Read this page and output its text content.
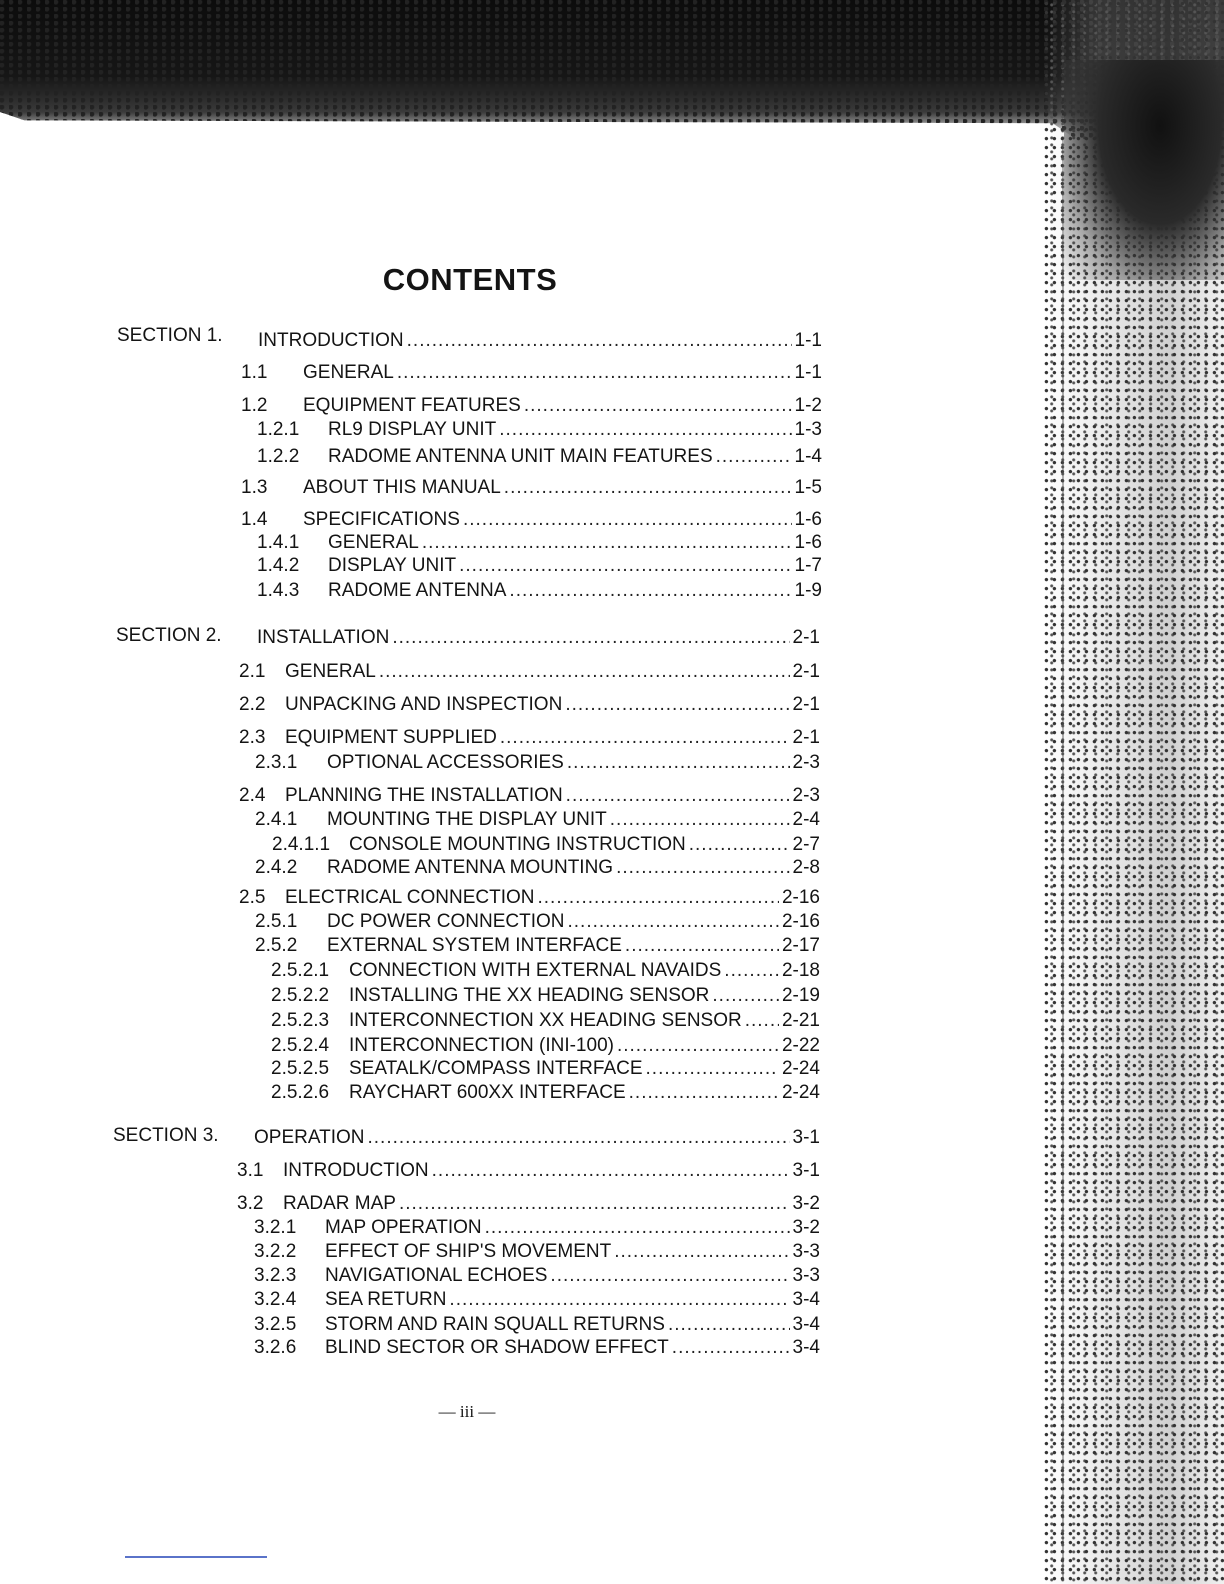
CONTENTS
SECTION 1. INTRODUCTION .....	1-1
1.1	GENERAL .....	1-1
1.2	EQUIPMENT FEATURES .....	1-2
1.2.1	RL9 DISPLAY UNIT .....	1-3
1.2.2	RADOME ANTENNA UNIT MAIN FEATURES .....	1-4
1.3	ABOUT THIS MANUAL .....	1-5
1.4	SPECIFICATIONS .....	1-6
1.4.1	GENERAL .....	1-6
1.4.2	DISPLAY UNIT .....	1-7
1.4.3	RADOME ANTENNA .....	1-9
SECTION 2. INSTALLATION .....	2-1
2.1	GENERAL .....	2-1
2.2	UNPACKING AND INSPECTION .....	2-1
2.3	EQUIPMENT SUPPLIED .....	2-1
2.3.1	OPTIONAL ACCESSORIES .....	2-3
2.4	PLANNING THE INSTALLATION .....	2-3
2.4.1	MOUNTING THE DISPLAY UNIT .....	2-4
2.4.1.1 CONSOLE MOUNTING INSTRUCTION .....	2-7
2.4.2	RADOME ANTENNA MOUNTING .....	2-8
2.5	ELECTRICAL CONNECTION .....	2-16
2.5.1	DC POWER CONNECTION .....	2-16
2.5.2	EXTERNAL SYSTEM INTERFACE .....	2-17
2.5.2.1	CONNECTION WITH EXTERNAL NAVAIDS .....	2-18
2.5.2.2	INSTALLING THE XX HEADING SENSOR .....	2-19
2.5.2.3	INTERCONNECTION XX HEADING SENSOR ..... 2-21
2.5.2.4	INTERCONNECTION (INI-100) .....	2-22
2.5.2.5	SEATALK/COMPASS INTERFACE .....	2-24
2.5.2.6	RAYCHART 600XX INTERFACE .....	2-24
SECTION 3. OPERATION .....	3-1
3.1	INTRODUCTION .....	3-1
3.2	RADAR MAP .....	3-2
3.2.1	MAP OPERATION .....	3-2
3.2.2	EFFECT OF SHIP'S MOVEMENT .....	3-3
3.2.3	NAVIGATIONAL ECHOES .....	3-3
3.2.4	SEA RETURN .....	3-4
3.2.5	STORM AND RAIN SQUALL RETURNS .....	3-4
3.2.6	BLIND SECTOR OR SHADOW EFFECT .....	3-4
— iii —
